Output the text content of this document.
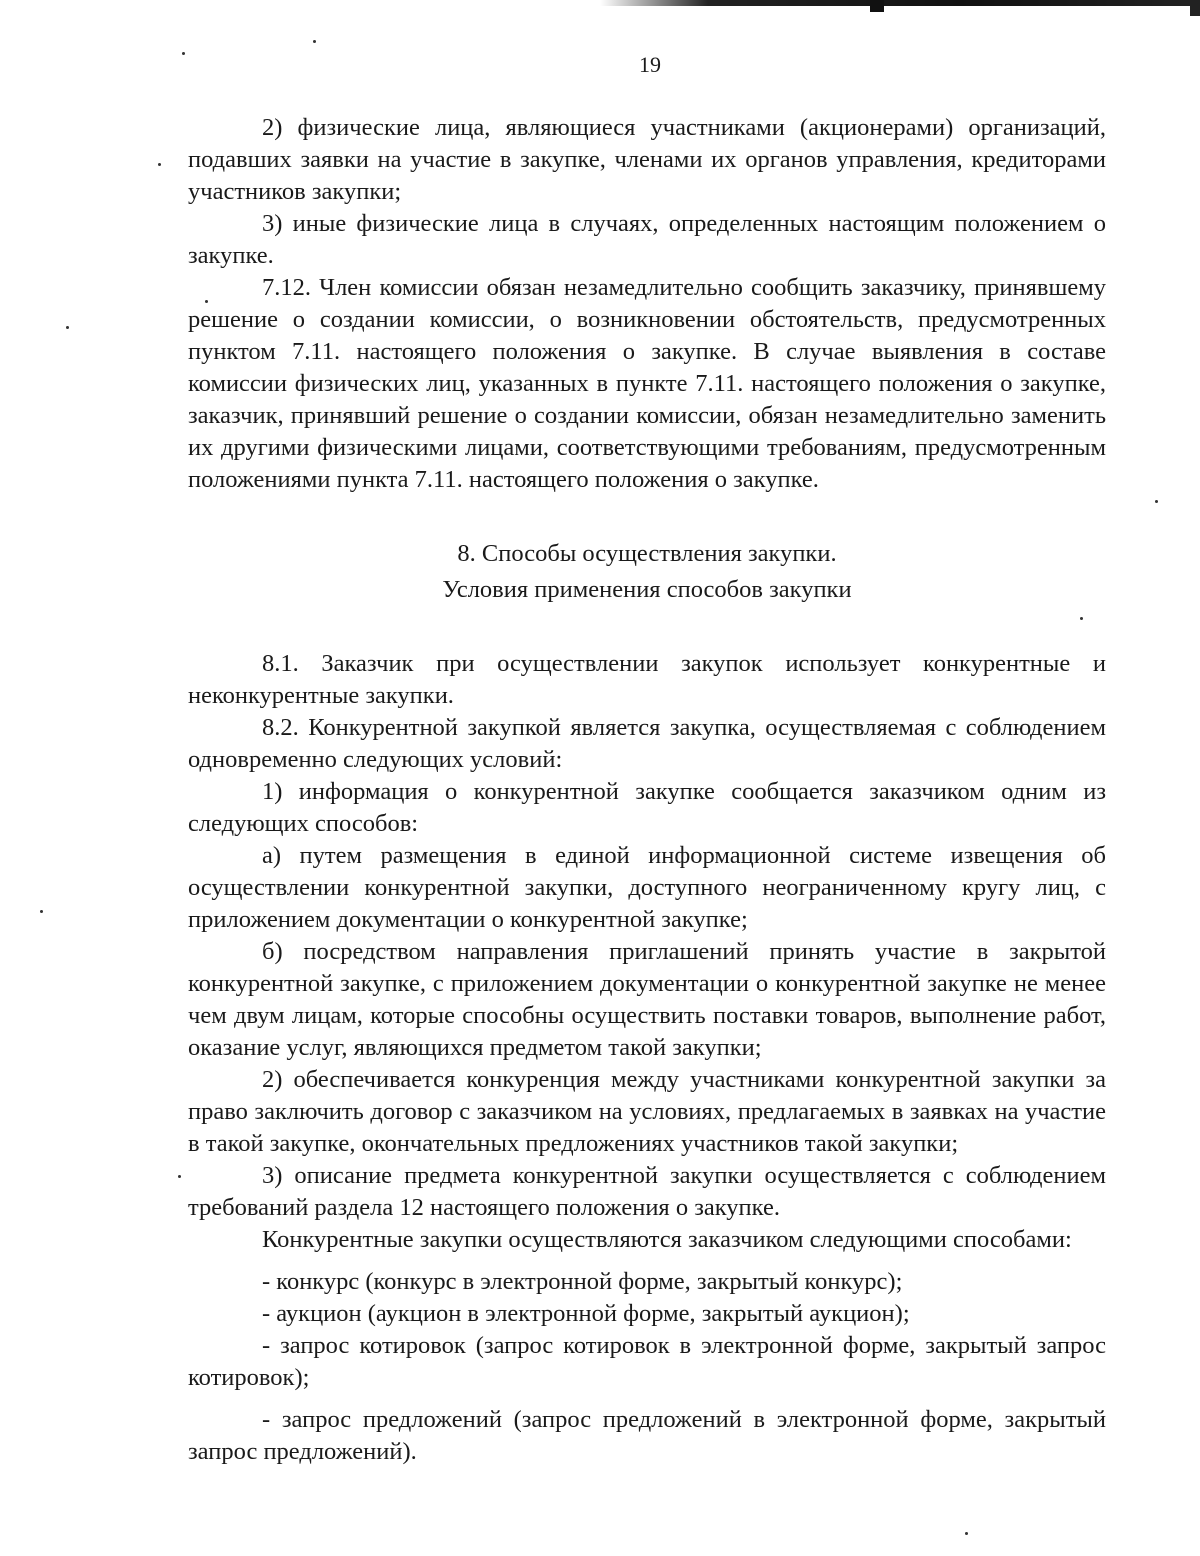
19

2) физические лица, являющиеся участниками (акционерами) организаций, подавших заявки на участие в закупке, членами их органов управления, кредиторами участников закупки;

3) иные физические лица в случаях, определенных настоящим положением о закупке.

7.12. Член комиссии обязан незамедлительно сообщить заказчику, принявшему решение о создании комиссии, о возникновении обстоятельств, предусмотренных пунктом 7.11. настоящего положения о закупке. В случае выявления в составе комиссии физических лиц, указанных в пункте 7.11. настоящего положения о закупке, заказчик, принявший решение о создании комиссии, обязан незамедлительно заменить их другими физическими лицами, соответствующими требованиям, предусмотренным положениями пункта 7.11. настоящего положения о закупке.

8. Способы осуществления закупки.
Условия применения способов закупки

8.1. Заказчик при осуществлении закупок использует конкурентные и неконкурентные закупки.

8.2. Конкурентной закупкой является закупка, осуществляемая с соблюдением одновременно следующих условий:

1) информация о конкурентной закупке сообщается заказчиком одним из следующих способов:

а) путем размещения в единой информационной системе извещения об осуществлении конкурентной закупки, доступного неограниченному кругу лиц, с приложением документации о конкурентной закупке;

б) посредством направления приглашений принять участие в закрытой конкурентной закупке, с приложением документации о конкурентной закупке не менее чем двум лицам, которые способны осуществить поставки товаров, выполнение работ, оказание услуг, являющихся предметом такой закупки;

2) обеспечивается конкуренция между участниками конкурентной закупки за право заключить договор с заказчиком на условиях, предлагаемых в заявках на участие в такой закупке, окончательных предложениях участников такой закупки;

3) описание предмета конкурентной закупки осуществляется с соблюдением требований раздела 12 настоящего положения о закупке.

Конкурентные закупки осуществляются заказчиком следующими способами:

- конкурс (конкурс в электронной форме, закрытый конкурс);

- аукцион (аукцион в электронной форме, закрытый аукцион);

- запрос котировок (запрос котировок в электронной форме, закрытый запрос котировок);

- запрос предложений (запрос предложений в электронной форме, закрытый запрос предложений).
